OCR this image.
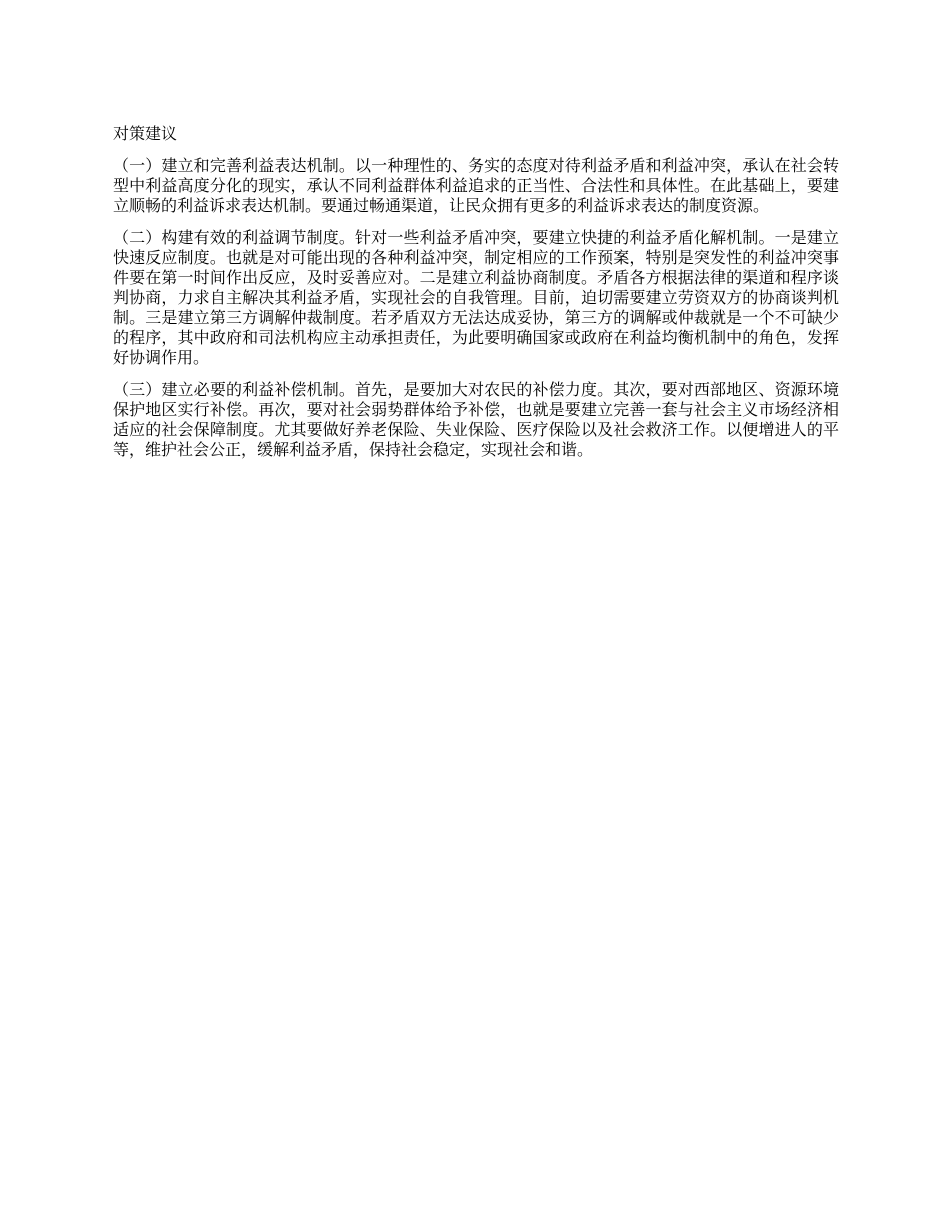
对策建议

（一）建立和完善利益表达机制。以一种理性的、务实的态度对待利益矛盾和利益冲突，承认在社会转型中利益高度分化的现实，承认不同利益群体利益追求的正当性、合法性和具体性。在此基础上，要建立顺畅的利益诉求表达机制。要通过畅通渠道，让民众拥有更多的利益诉求表达的制度资源。

（二）构建有效的利益调节制度。针对一些利益矛盾冲突，要建立快捷的利益矛盾化解机制。一是建立快速反应制度。也就是对可能出现的各种利益冲突，制定相应的工作预案，特别是突发性的利益冲突事件要在第一时间作出反应，及时妥善应对。二是建立利益协商制度。矛盾各方根据法律的渠道和程序谈判协商，力求自主解决其利益矛盾，实现社会的自我管理。目前，迫切需要建立劳资双方的协商谈判机制。三是建立第三方调解仲裁制度。若矛盾双方无法达成妥协，第三方的调解或仲裁就是一个不可缺少的程序，其中政府和司法机构应主动承担责任，为此要明确国家或政府在利益均衡机制中的角色，发挥好协调作用。

（三）建立必要的利益补偿机制。首先，是要加大对农民的补偿力度。其次，要对西部地区、资源环境保护地区实行补偿。再次，要对社会弱势群体给予补偿，也就是要建立完善一套与社会主义市场经济相适应的社会保障制度。尤其要做好养老保险、失业保险、医疗保险以及社会救济工作。以便增进人的平等，维护社会公正，缓解利益矛盾，保持社会稳定，实现社会和谐。
